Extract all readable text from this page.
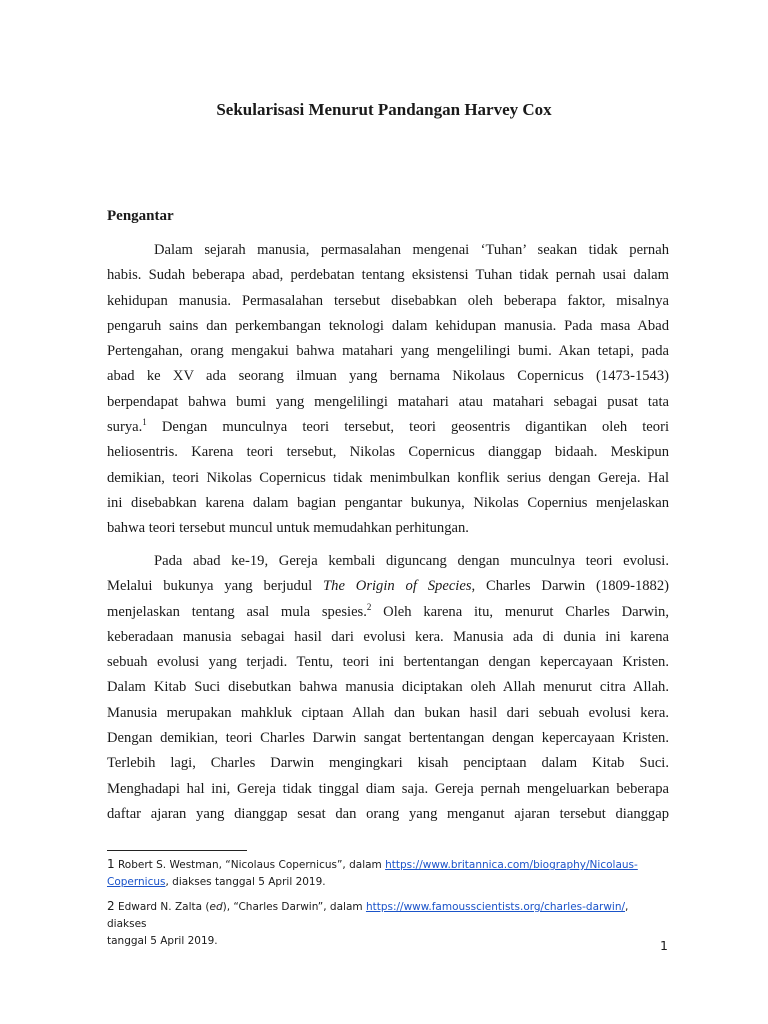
Sekularisasi Menurut Pandangan Harvey Cox
Pengantar
Dalam sejarah manusia, permasalahan mengenai ‘Tuhan’ seakan tidak pernah
habis. Sudah beberapa abad, perdebatan tentang eksistensi Tuhan tidak pernah usai dalam
kehidupan manusia. Permasalahan tersebut disebabkan oleh beberapa faktor, misalnya
pengaruh sains dan perkembangan teknologi dalam kehidupan manusia. Pada masa Abad
Pertengahan, orang mengakui bahwa matahari yang mengelilingi bumi. Akan tetapi, pada
abad ke XV ada seorang ilmuan yang bernama Nikolaus Copernicus (1473-1543)
berpendapat bahwa bumi yang mengelilingi matahari atau matahari sebagai pusat tata
surya.$^1$ Dengan munculnya teori tersebut, teori geosentris digantikan oleh teori
heliosentris. Karena teori tersebut, Nikolas Copernicus dianggap bidaah. Meskipun
demikian, teori Nikolas Copernicus tidak menimbulkan konflik serius dengan Gereja. Hal
ini disebabkan karena dalam bagian pengantar bukunya, Nikolas Copernius menjelaskan
bahwa teori tersebut muncul untuk memudahkan perhitungan.
Pada abad ke-19, Gereja kembali diguncang dengan munculnya teori evolusi.
Melalui bukunya yang berjudul The Origin of Species, Charles Darwin (1809-1882)
menjelaskan tentang asal mula spesies.$^2$ Oleh karena itu, menurut Charles Darwin,
keberadaan manusia sebagai hasil dari evolusi kera. Manusia ada di dunia ini karena
sebuah evolusi yang terjadi. Tentu, teori ini bertentangan dengan kepercayaan Kristen.
Dalam Kitab Suci disebutkan bahwa manusia diciptakan oleh Allah menurut citra Allah.
Manusia merupakan mahkluk ciptaan Allah dan bukan hasil dari sebuah evolusi kera.
Dengan demikian, teori Charles Darwin sangat bertentangan dengan kepercayaan Kristen.
Terlebih lagi, Charles Darwin mengingkari kisah penciptaan dalam Kitab Suci.
Menghadapi hal ini, Gereja tidak tinggal diam saja. Gereja pernah mengeluarkan beberapa
daftar ajaran yang dianggap sesat dan orang yang menganut ajaran tersebut dianggap
1 Robert S. Westman, “Nicolaus Copernicus”, dalam https://www.britannica.com/biography/Nicolaus-
Copernicus, diakses tanggal 5 April 2019.
2 Edward N. Zalta (ed), “Charles Darwin”, dalam https://www.famousscientists.org/charles-darwin/, diakses
tanggal 5 April 2019.	1
